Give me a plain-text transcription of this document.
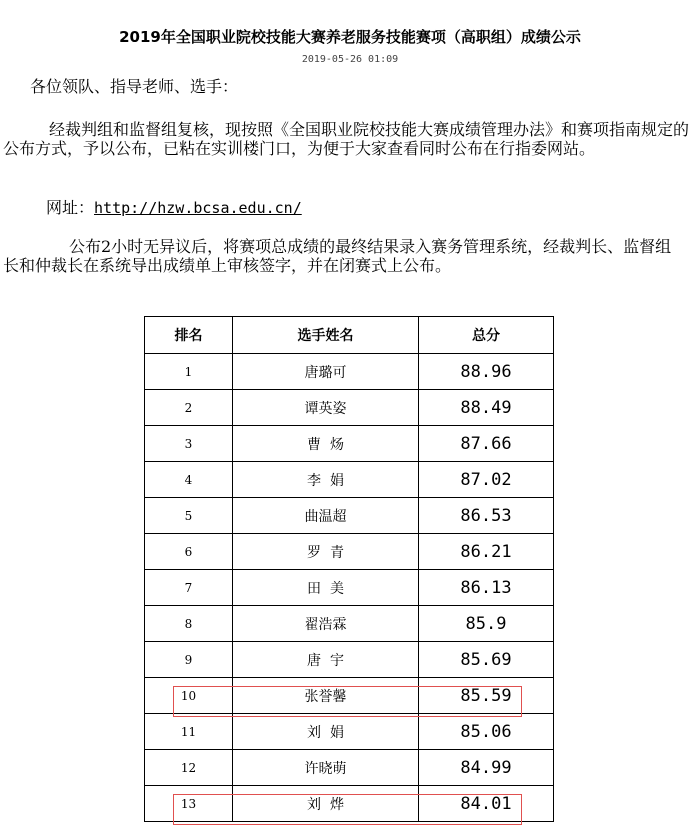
2019年全国职业院校技能大赛养老服务技能赛项（高职组）成绩公示
2019-05-26 01:09
各位领队、指导老师、选手：
经裁判组和监督组复核，现按照《全国职业院校技能大赛成绩管理办法》和赛项指南规定的公布方式，予以公布，已粘在实训楼门口，为便于大家查看同时公布在行指委网站。
网址：http://hzw.bcsa.edu.cn/
公布2小时无异议后，将赛项总成绩的最终结果录入赛务管理系统，经裁判长、监督组长和仲裁长在系统导出成绩单上审核签字，并在闭赛式上公布。
排名	选手姓名	总分
1	唐璐可	88.96
2	谭英姿	88.49
3	曹  炀	87.66
4	李  娟	87.02
5	曲温超	86.53
6	罗  青	86.21
7	田  美	86.13
8	翟浩霖	85.9
9	唐  宇	85.69
10	张誉馨	85.59
11	刘  娟	85.06
12	许晓萌	84.99
13	刘  烨	84.01
